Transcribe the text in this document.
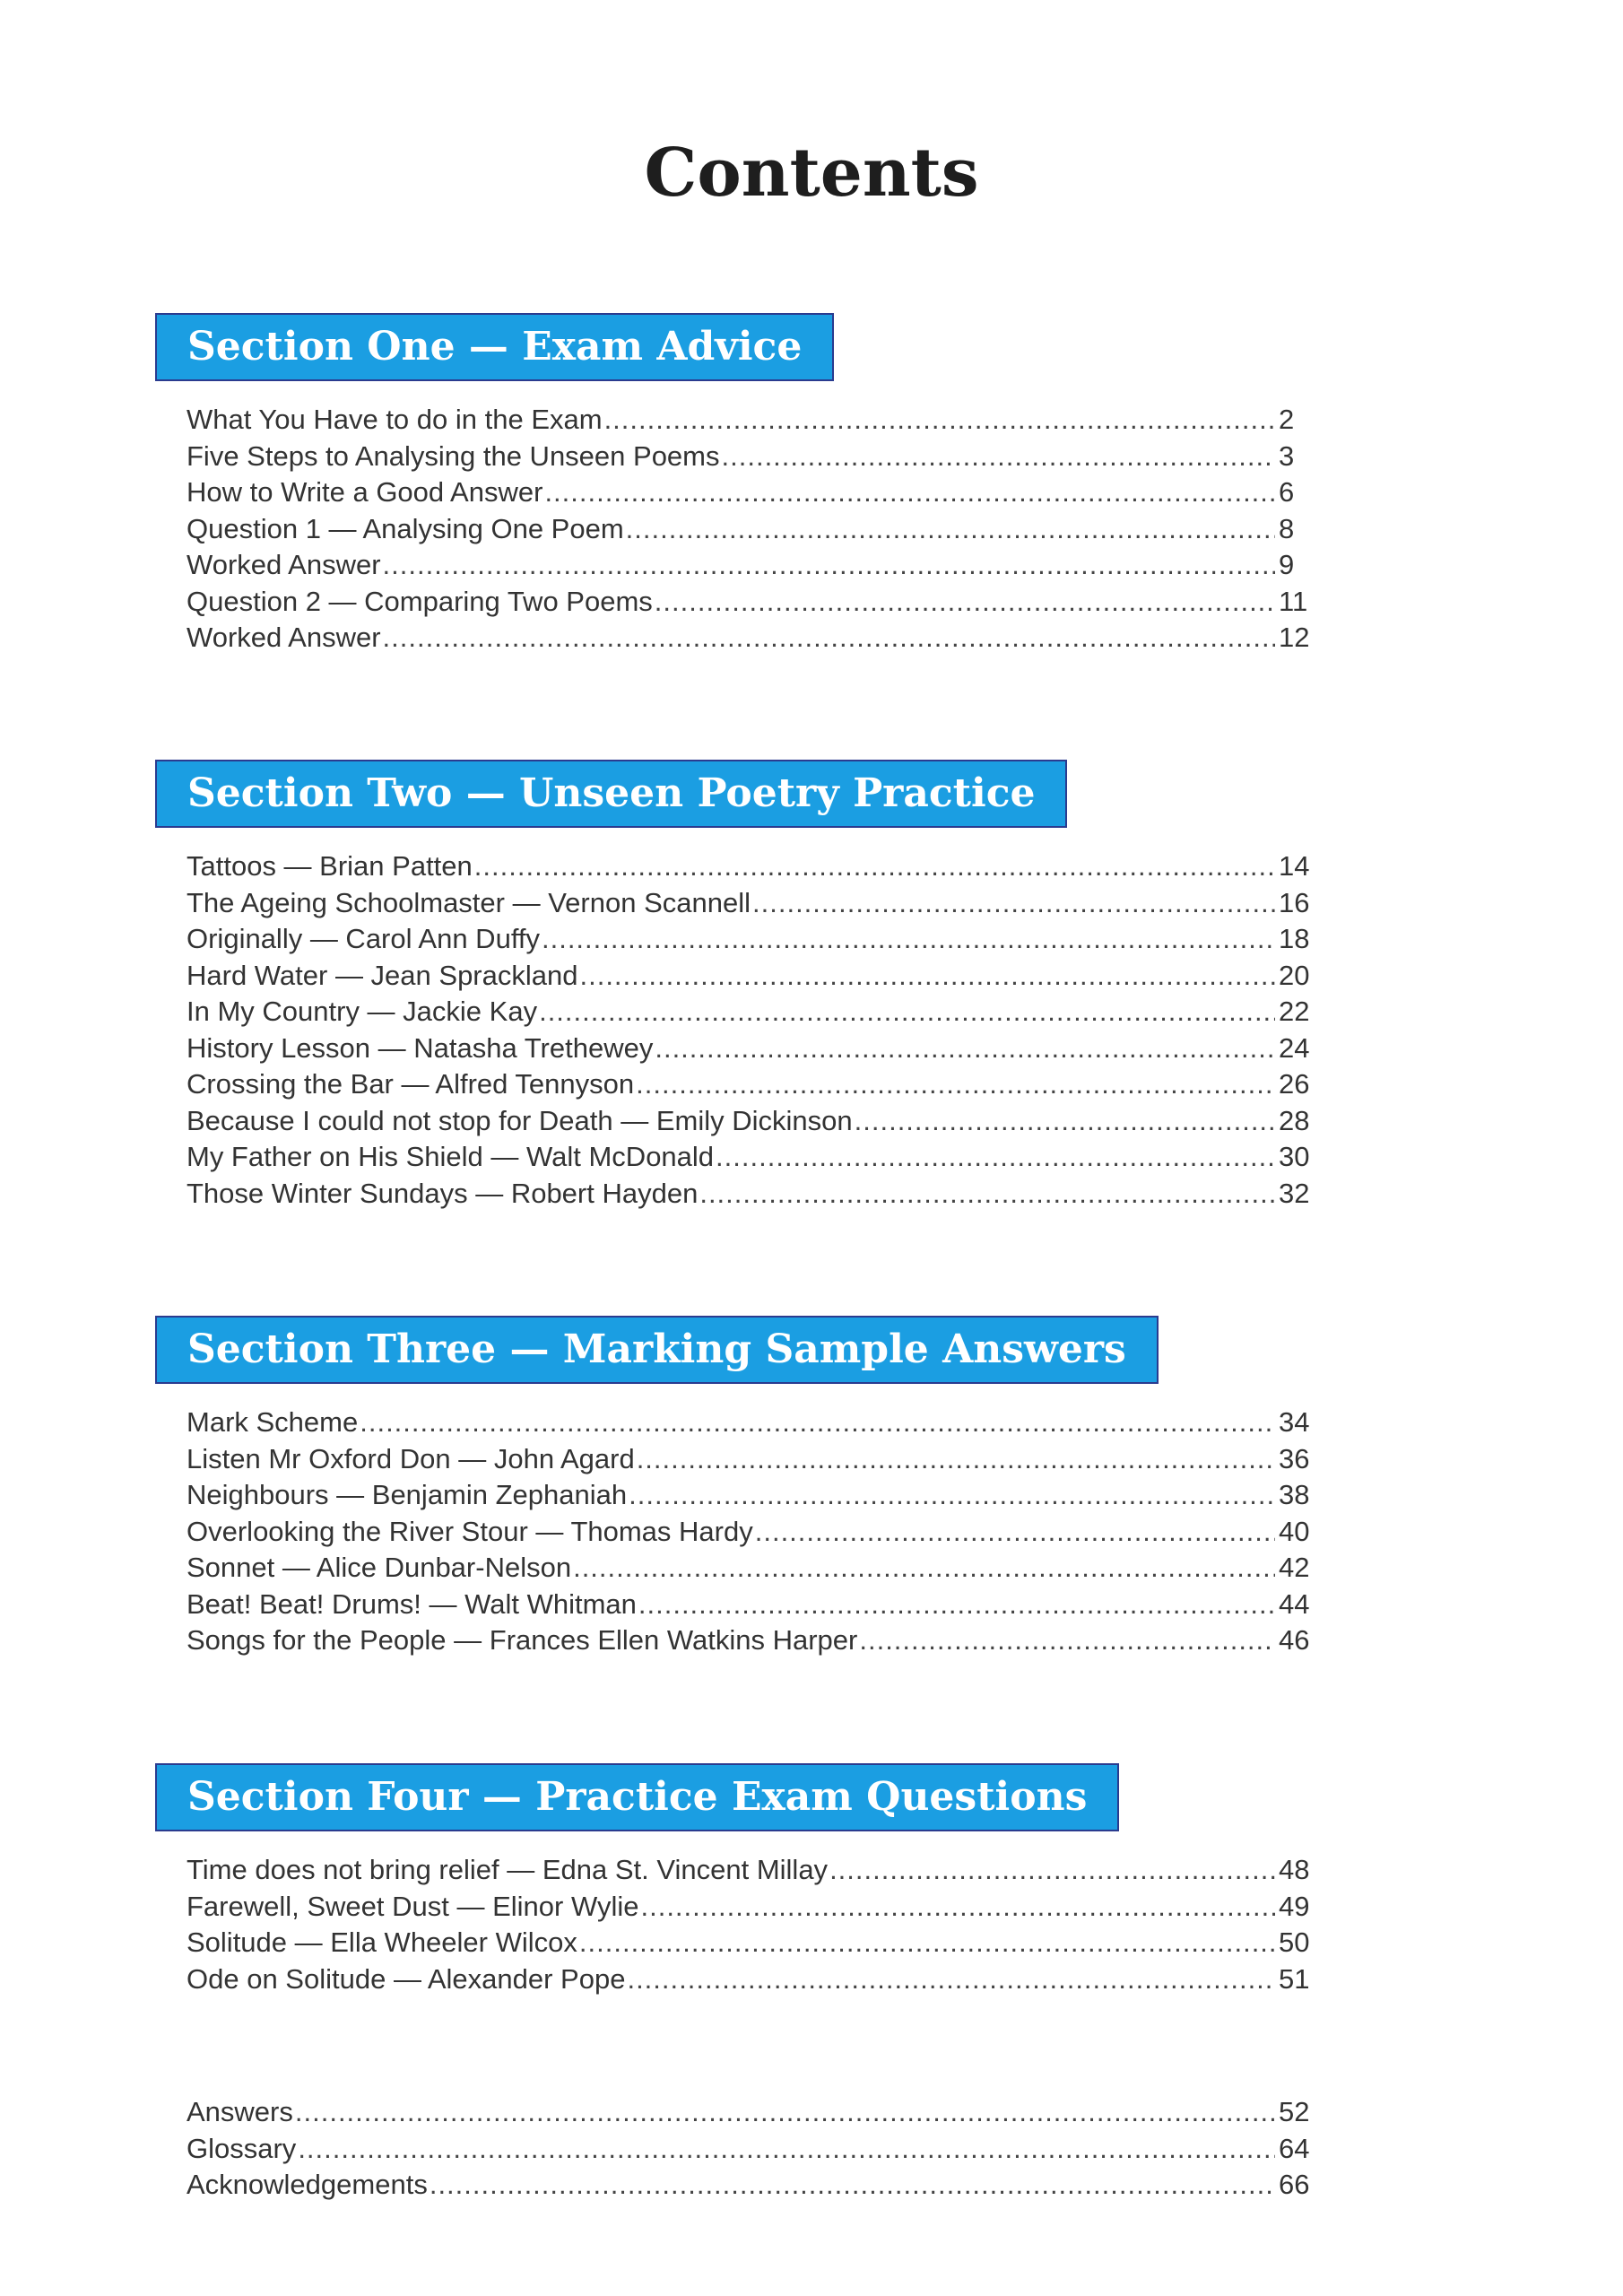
Contents
Section One — Exam Advice
What You Have to do in the Exam .....	2
Five Steps to Analysing the Unseen Poems .....	3
How to Write a Good Answer .....	6
Question 1 — Analysing One Poem .....	8
Worked Answer .....	9
Question 2 — Comparing Two Poems .....	11
Worked Answer .....	12
Section Two — Unseen Poetry Practice
Tattoos — Brian Patten .....	14
The Ageing Schoolmaster — Vernon Scannell .....	16
Originally — Carol Ann Duffy .....	18
Hard Water — Jean Sprackland .....	20
In My Country — Jackie Kay .....	22
History Lesson — Natasha Trethewey .....	24
Crossing the Bar — Alfred Tennyson .....	26
Because I could not stop for Death — Emily Dickinson .....	28
My Father on His Shield — Walt McDonald .....	30
Those Winter Sundays — Robert Hayden .....	32
Section Three — Marking Sample Answers
Mark Scheme .....	34
Listen Mr Oxford Don — John Agard .....	36
Neighbours — Benjamin Zephaniah .....	38
Overlooking the River Stour — Thomas Hardy .....	40
Sonnet — Alice Dunbar-Nelson .....	42
Beat! Beat! Drums! — Walt Whitman .....	44
Songs for the People — Frances Ellen Watkins Harper .....	46
Section Four — Practice Exam Questions
Time does not bring relief — Edna St. Vincent Millay .....	48
Farewell, Sweet Dust — Elinor Wylie .....	49
Solitude — Ella Wheeler Wilcox .....	50
Ode on Solitude — Alexander Pope .....	51
Answers .....	52
Glossary .....	64
Acknowledgements .....	66
